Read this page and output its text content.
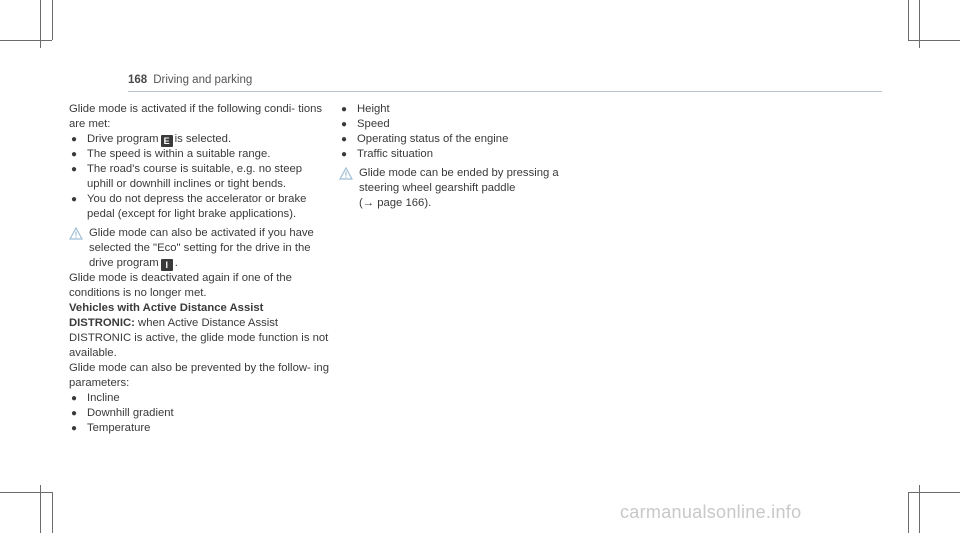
168 Driving and parking

Glide mode is activated if the following condi- tions are met:

● Drive program E is selected.
● The speed is within a suitable range.
● The road's course is suitable, e.g. no steep uphill or downhill inclines or tight bends.
● You do not depress the accelerator or brake pedal (except for light brake applications).
Glide mode can also be activated if you have selected the "Eco" setting for the drive in the drive program I .

Glide mode is deactivated again if one of the conditions is no longer met.

Vehicles with Active Distance Assist DISTRONIC: when Active Distance Assist DISTRONIC is active, the glide mode function is not available.

Glide mode can also be prevented by the follow- ing parameters:

● Incline
● Downhill gradient
● Temperature
● Height
● Speed
● Operating status of the engine
● Traffic situation
Glide mode can be ended by pressing a steering wheel gearshift paddle
(→ page 166).
carmanualsonline.info
